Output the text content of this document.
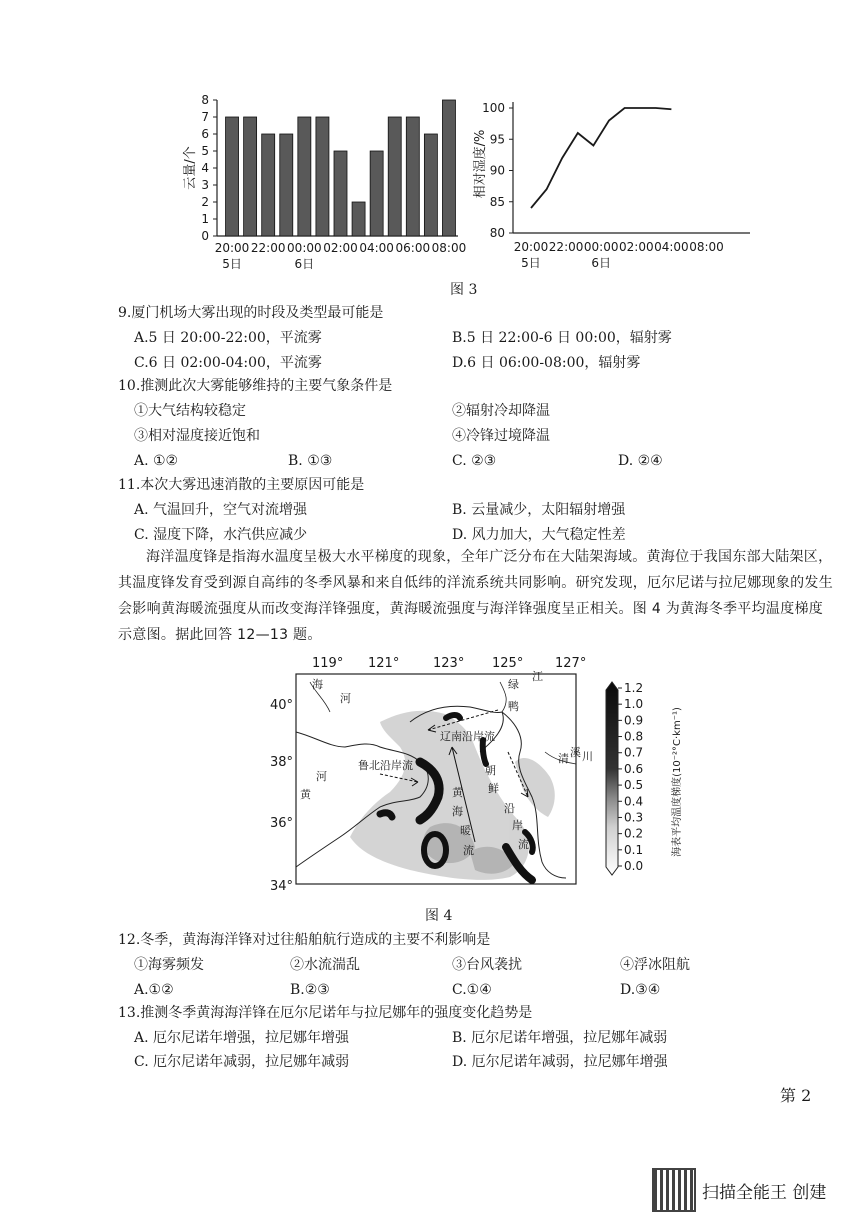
云量/个
0
1
2
3
4
5
6
7
8
20:00 22:00 00:00 02:00 04:00 06:00 08:00
5日	6日
相对湿度/%
80
85
90
95
100
20:00 22:00 00:00 02:00 04:00 08:00
5日	6日
图 3
9.厦门机场大雾出现的时段及类型最可能是
A.5 日 20:00-22:00，平流雾	B.5 日 22:00-6 日 00:00，辐射雾
C.6 日 02:00-04:00，平流雾	D.6 日 06:00-08:00，辐射雾
10.推测此次大雾能够维持的主要气象条件是
①大气结构较稳定	②辐射冷却降温
③相对湿度接近饱和	④冷锋过境降温
A. ①②	B. ①③	C. ②③	D. ②④
11.本次大雾迅速消散的主要原因可能是
A. 气温回升，空气对流增强	B. 云量减少，太阳辐射增强
C. 湿度下降，水汽供应减少	D. 风力加大，大气稳定性差
海洋温度锋是指海水温度呈极大水平梯度的现象，全年广泛分布在大陆架海域。黄海位于我国东部大陆架区，其温度锋发育受到源自高纬的冬季风暴和来自低纬的洋流系统共同影响。研究发现，厄尔尼诺与拉尼娜现象的发生会影响黄海暖流强度从而改变海洋锋强度，黄海暖流强度与海洋锋强度呈正相关。图 4 为黄海冬季平均温度梯度示意图。据此回答 12—13 题。
119° 121°	123° 125° 127°
40°
38°
36°
34°
海
河
绿
江
鸭
辽南沿岸流
鲁北沿岸流
黄
河
黄
海
暖
流
朝
鲜
沿
岸
流
清 溪 川
1.2
1.0
0.9
0.8
0.7
0.6
0.5
0.4
0.3
0.2
0.1
0.0
海表平均温度梯度(10⁻²°C·km⁻¹)
图 4
12.冬季，黄海海洋锋对过往船舶航行造成的主要不利影响是
①海雾频发	②水流湍乱	③台风袭扰	④浮冰阻航
A.①②	B.②③	C.①④	D.③④
13.推测冬季黄海海洋锋在厄尔尼诺年与拉尼娜年的强度变化趋势是
A. 厄尔尼诺年增强，拉尼娜年增强	B. 厄尔尼诺年增强，拉尼娜年减弱
C. 厄尔尼诺年减弱，拉尼娜年减弱	D. 厄尔尼诺年减弱，拉尼娜年增强
第 2
扫描全能王 创建
